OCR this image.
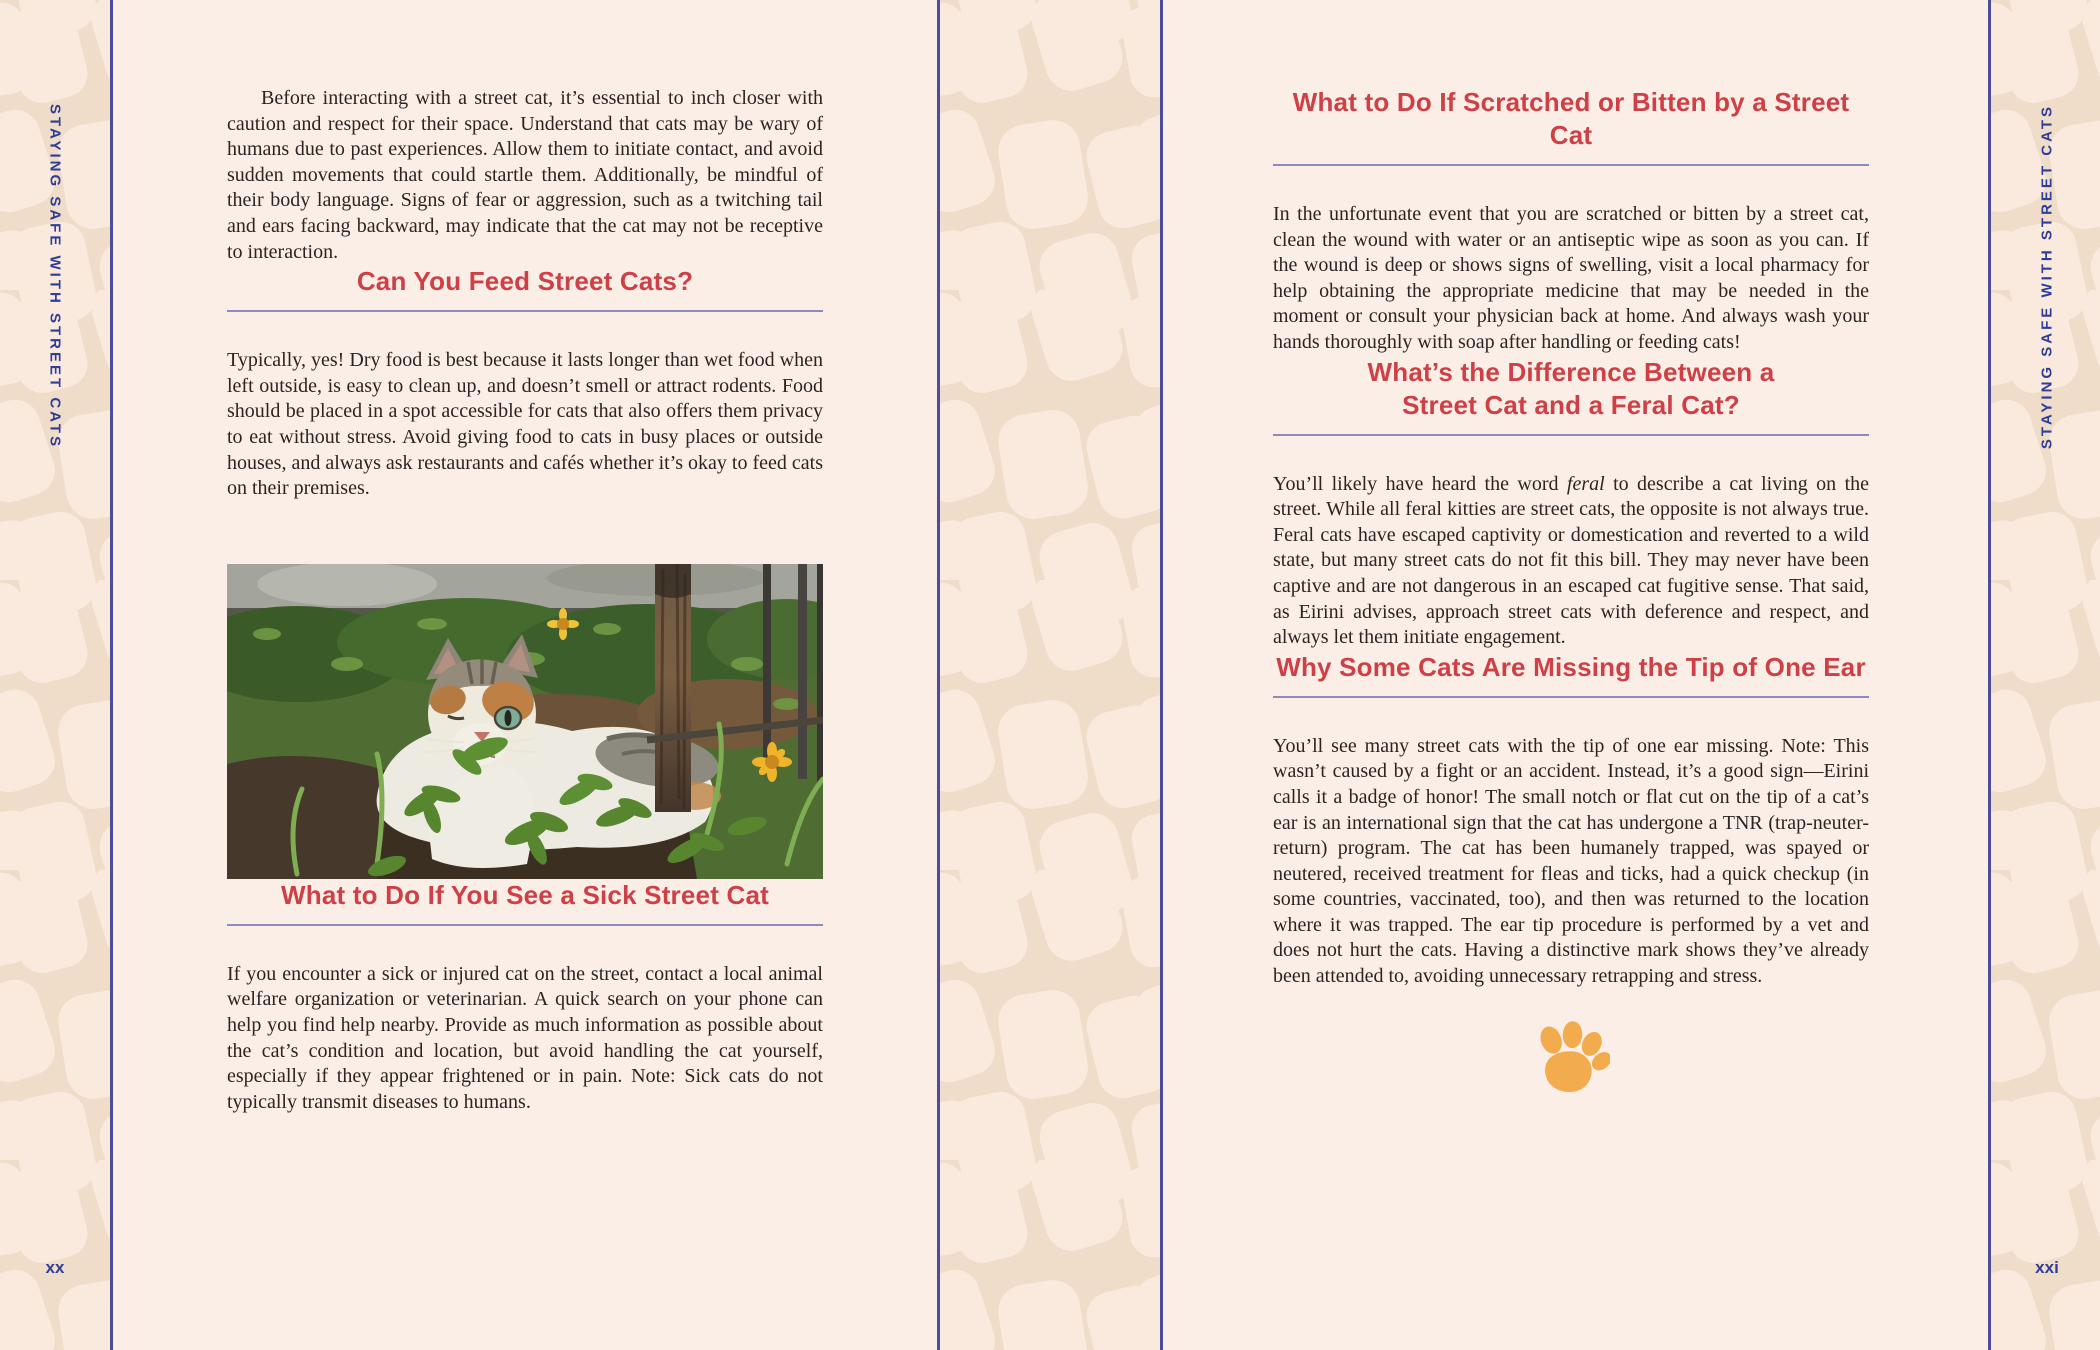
STAYING SAFE WITH STREET CATS
xx

Before interacting with a street cat, it’s essential to inch closer with caution and respect for their space. Understand that cats may be wary of humans due to past experiences. Allow them to initiate contact, and avoid sudden movements that could startle them. Additionally, be mindful of their body language. Signs of fear or aggression, such as a twitching tail and ears facing backward, may indicate that the cat may not be receptive to interaction.

Can You Feed Street Cats?

Typically, yes! Dry food is best because it lasts longer than wet food when left outside, is easy to clean up, and doesn’t smell or attract rodents. Food should be placed in a spot accessible for cats that also offers them privacy to eat without stress. Avoid giving food to cats in busy places or outside houses, and always ask restaurants and cafés whether it’s okay to feed cats on their premises.

What to Do If You See a Sick Street Cat

If you encounter a sick or injured cat on the street, contact a local animal welfare organization or veterinarian. A quick search on your phone can help you find help nearby. Provide as much information as possible about the cat’s condition and location, but avoid handling the cat yourself, especially if they appear frightened or in pain. Note: Sick cats do not typically transmit diseases to humans.

What to Do If Scratched or Bitten by a Street Cat

In the unfortunate event that you are scratched or bitten by a street cat, clean the wound with water or an antiseptic wipe as soon as you can. If the wound is deep or shows signs of swelling, visit a local pharmacy for help obtaining the appropriate medicine that may be needed in the moment or consult your physician back at home. And always wash your hands thoroughly with soap after handling or feeding cats!

What’s the Difference Between a
Street Cat and a Feral Cat?

You’ll likely have heard the word feral to describe a cat living on the street. While all feral kitties are street cats, the opposite is not always true. Feral cats have escaped captivity or domestication and reverted to a wild state, but many street cats do not fit this bill. They may never have been captive and are not dangerous in an escaped cat fugitive sense. That said, as Eirini advises, approach street cats with deference and respect, and always let them initiate engagement.

Why Some Cats Are Missing the Tip of One Ear

You’ll see many street cats with the tip of one ear missing. Note: This wasn’t caused by a fight or an accident. Instead, it’s a good sign—Eirini calls it a badge of honor! The small notch or flat cut on the tip of a cat’s ear is an international sign that the cat has undergone a TNR (trap-neuter-return) program. The cat has been humanely trapped, was spayed or neutered, received treatment for fleas and ticks, had a quick checkup (in some countries, vaccinated, too), and then was returned to the location where it was trapped. The ear tip procedure is performed by a vet and does not hurt the cats. Having a distinctive mark shows they’ve already been attended to, avoiding unnecessary retrapping and stress.

STAYING SAFE WITH STREET CATS
xxi
